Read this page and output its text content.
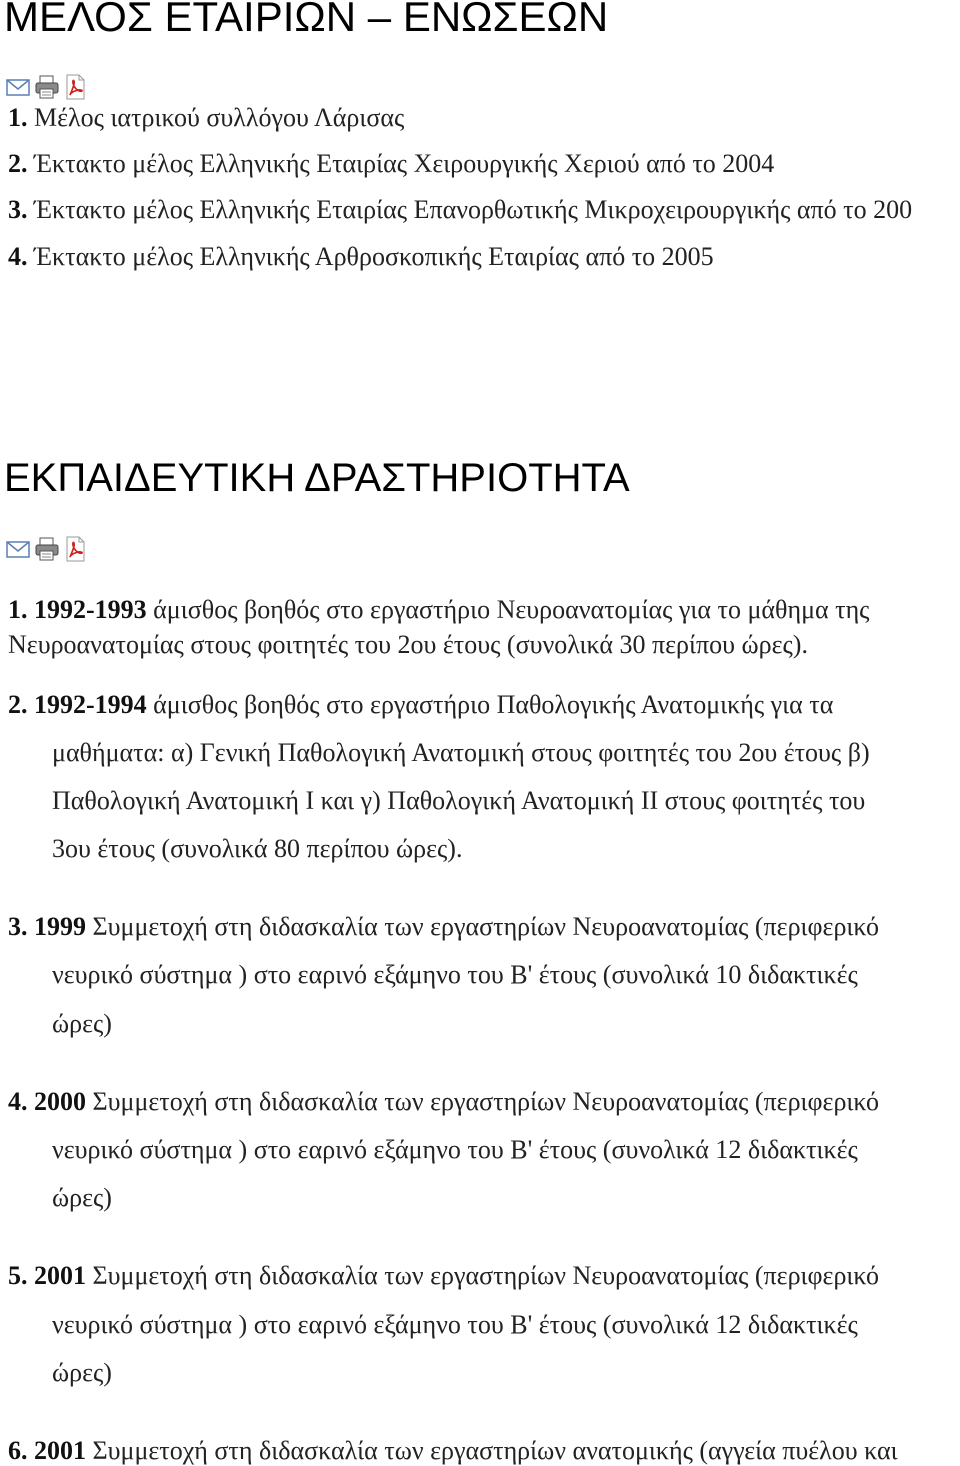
ΜΕΛΟΣ ΕΤΑΙΡΙΩΝ – ΕΝΩΣΕΩΝ
1. Μέλος ιατρικού συλλόγου Λάρισας
2. Έκτακτο μέλος Ελληνικής Εταιρίας Χειρουργικής Χεριού από το 2004
3. Έκτακτο μέλος Ελληνικής Εταιρίας Επανορθωτικής Μικροχειρουργικής από το 200
4. Έκτακτο μέλος Ελληνικής Αρθροσκοπικής Εταιρίας από το 2005
ΕΚΠΑΙΔΕΥΤΙΚΗ ΔΡΑΣΤΗΡΙΟΤΗΤΑ
1. 1992-1993 άμισθος βοηθός στο εργαστήριο Νευροανατομίας για το μάθημα της
Νευροανατομίας στους φοιτητές του 2ου έτους (συνολικά 30 περίπου ώρες).
2. 1992-1994 άμισθος βοηθός στο εργαστήριο Παθολογικής Ανατομικής για τα
μαθήματα: α) Γενική Παθολογική Ανατομική στους φοιτητές του 2ου έτους β)
Παθολογική Ανατομική Ι και γ) Παθολογική Ανατομική ΙΙ στους φοιτητές του
3ου έτους (συνολικά 80 περίπου ώρες).
3. 1999 Συμμετοχή στη διδασκαλία των εργαστηρίων Νευροανατομίας (περιφερικό
νευρικό σύστημα ) στο εαρινό εξάμηνο του Β' έτους (συνολικά 10 διδακτικές
ώρες)
4. 2000 Συμμετοχή στη διδασκαλία των εργαστηρίων Νευροανατομίας (περιφερικό
νευρικό σύστημα ) στο εαρινό εξάμηνο του Β' έτους (συνολικά 12 διδακτικές
ώρες)
5. 2001 Συμμετοχή στη διδασκαλία των εργαστηρίων Νευροανατομίας (περιφερικό
νευρικό σύστημα ) στο εαρινό εξάμηνο του Β' έτους (συνολικά 12 διδακτικές
ώρες)
6. 2001 Συμμετοχή στη διδασκαλία των εργαστηρίων ανατομικής (αγγεία πυέλου και
